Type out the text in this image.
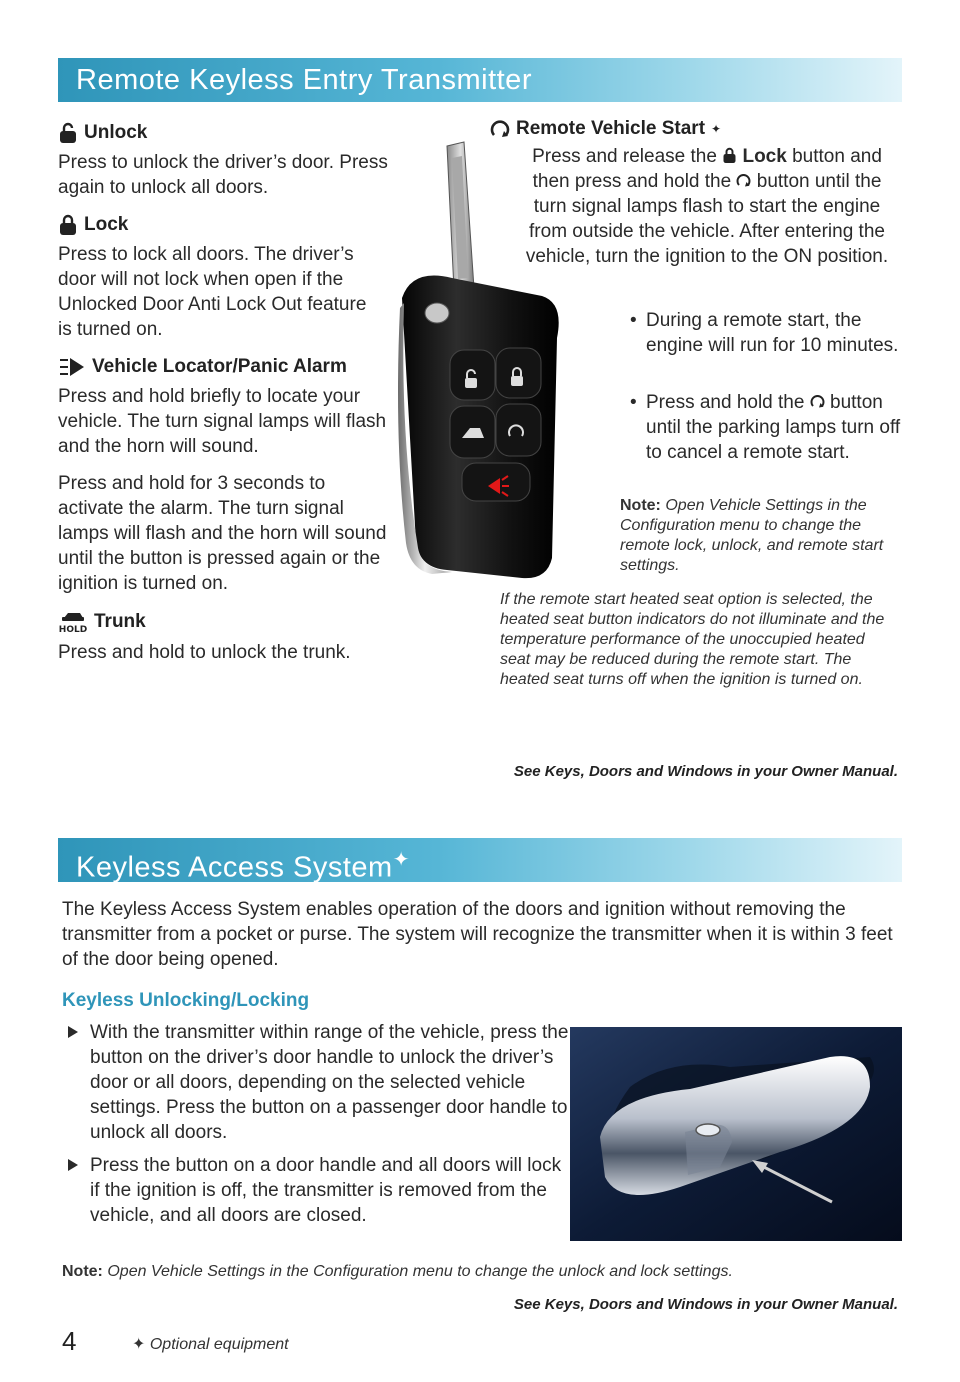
Remote Keyless Entry Transmitter
Unlock
Press to unlock the driver’s door. Press again to unlock all doors.
Lock
Press to lock all doors. The driver’s door will not lock when open if the Unlocked Door Anti Lock Out feature is turned on.
Vehicle Locator/Panic Alarm
Press and hold briefly to locate your vehicle. The turn signal lamps will flash and the horn will sound.
Press and hold for 3 seconds to activate the alarm. The turn signal lamps will flash and the horn will sound until the button is pressed again or the ignition is turned on.
HOLD Trunk
Press and hold to unlock the trunk.
Remote Vehicle Start ✦
Press and release the Lock button and then press and hold the button until the turn signal lamps flash to start the engine from outside the vehicle. After entering the vehicle, turn the ignition to the ON position.
• During a remote start, the engine will run for 10 minutes.
• Press and hold the button until the parking lamps turn off to cancel a remote start.
Note: Open Vehicle Settings in the Configuration menu to change the remote lock, unlock, and remote start settings.
If the remote start heated seat option is selected, the heated seat button indicators do not illuminate and the temperature performance of the unoccupied heated seat may be reduced during the remote start. The heated seat turns off when the ignition is turned on.
See Keys, Doors and Windows in your Owner Manual.
Keyless Access System✦
The Keyless Access System enables operation of the doors and ignition without removing the transmitter from a pocket or purse. The system will recognize the transmitter when it is within 3 feet of the door being opened.
Keyless Unlocking/Locking
With the transmitter within range of the vehicle, press the button on the driver’s door handle to unlock the driver’s door or all doors, depending on the selected vehicle settings. Press the button on a passenger door handle to unlock all doors.
Press the button on a door handle and all doors will lock if the ignition is off, the transmitter is removed from the vehicle, and all doors are closed.
Note: Open Vehicle Settings in the Configuration menu to change the unlock and lock settings.
See Keys, Doors and Windows in your Owner Manual.
4	✦ Optional equipment
